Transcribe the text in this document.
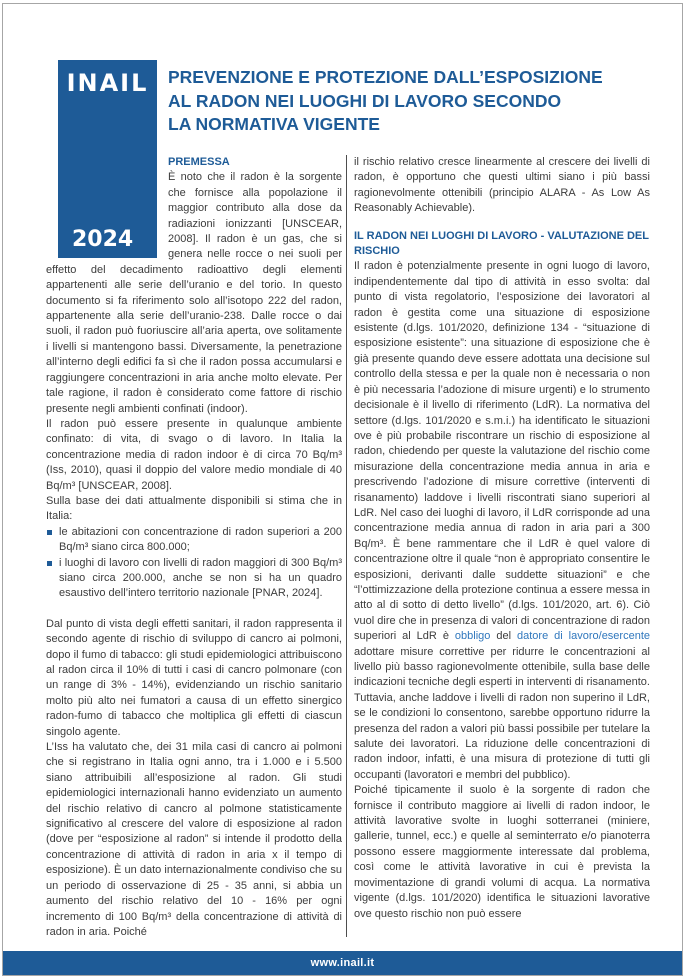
INAIL
2024
PREVENZIONE E PROTEZIONE DALL’ESPOSIZIONE
AL RADON NEI LUOGHI DI LAVORO SECONDO
LA NORMATIVA VIGENTE
PREMESSA

È noto che il radon è la sorgente che fornisce alla popolazione il maggior contributo alla dose da radiazioni ionizzanti [UNSCEAR, 2008]. Il radon è un gas, che si genera nelle rocce o nei suoli per effetto del decadimento radioattivo degli elementi appartenenti alle serie dell’uranio e del torio. In questo documento si fa riferimento solo all’isotopo 222 del radon, appartenente alla serie dell’uranio-238. Dalle rocce o dai suoli, il radon può fuoriuscire all’aria aperta, ove solitamente i livelli si mantengono bassi. Diversamente, la penetrazione all’interno degli edifici fa sì che il radon possa accumularsi e raggiungere concentrazioni in aria anche molto elevate. Per tale ragione, il radon è considerato come fattore di rischio presente negli ambienti confinati (indoor).

Il radon può essere presente in qualunque ambiente confinato: di vita, di svago o di lavoro. In Italia la concentrazione media di radon indoor è di circa 70 Bq/m³ (Iss, 2010), quasi il doppio del valore medio mondiale di 40 Bq/m³ [UNSCEAR, 2008].

Sulla base dei dati attualmente disponibili si stima che in Italia:

le abitazioni con concentrazione di radon superiori a 200 Bq/m³ siano circa 800.000;
i luoghi di lavoro con livelli di radon maggiori di 300 Bq/m³ siano circa 200.000, anche se non si ha un quadro esaustivo dell’intero territorio nazionale [PNAR, 2024].

Dal punto di vista degli effetti sanitari, il radon rappresenta il secondo agente di rischio di sviluppo di cancro ai polmoni, dopo il fumo di tabacco: gli studi epidemiologici attribuiscono al radon circa il 10% di tutti i casi di cancro polmonare (con un range di 3% - 14%), evidenziando un rischio sanitario molto più alto nei fumatori a causa di un effetto sinergico radon-fumo di tabacco che moltiplica gli effetti di ciascun singolo agente.

L’Iss ha valutato che, dei 31 mila casi di cancro ai polmoni che si registrano in Italia ogni anno, tra i 1.000 e i 5.500 siano attribuibili all’esposizione al radon. Gli studi epidemiologici internazionali hanno evidenziato un aumento del rischio relativo di cancro al polmone statisticamente significativo al crescere del valore di esposizione al radon (dove per “esposizione al radon” si intende il prodotto della concentrazione di attività di radon in aria x il tempo di esposizione). È un dato internazionalmente condiviso che su un periodo di osservazione di 25 - 35 anni, si abbia un aumento del rischio relativo del 10 - 16% per ogni incremento di 100 Bq/m³ della concentrazione di attività di radon in aria. Poiché

il rischio relativo cresce linearmente al crescere dei livelli di radon, è opportuno che questi ultimi siano i più bassi ragionevolmente ottenibili (principio ALARA - As Low As Reasonably Achievable).

IL RADON NEI LUOGHI DI LAVORO - VALUTAZIONE DEL RISCHIO

Il radon è potenzialmente presente in ogni luogo di lavoro, indipendentemente dal tipo di attività in esso svolta: dal punto di vista regolatorio, l’esposizione dei lavoratori al radon è gestita come una situazione di esposizione esistente (d.lgs. 101/2020, definizione 134 - “situazione di esposizione esistente”: una situazione di esposizione che è già presente quando deve essere adottata una decisione sul controllo della stessa e per la quale non è necessaria o non è più necessaria l’adozione di misure urgenti) e lo strumento decisionale è il livello di riferimento (LdR). La normativa del settore (d.lgs. 101/2020 e s.m.i.) ha identificato le situazioni ove è più probabile riscontrare un rischio di esposizione al radon, chiedendo per queste la valutazione del rischio come misurazione della concentrazione media annua in aria e prescrivendo l’adozione di misure correttive (interventi di risanamento) laddove i livelli riscontrati siano superiori al LdR. Nel caso dei luoghi di lavoro, il LdR corrisponde ad una concentrazione media annua di radon in aria pari a 300 Bq/m³. È bene rammentare che il LdR è quel valore di concentrazione oltre il quale “non è appropriato consentire le esposizioni, derivanti dalle suddette situazioni” e che “l’ottimizzazione della protezione continua a essere messa in atto al di sotto di detto livello” (d.lgs. 101/2020, art. 6). Ciò vuol dire che in presenza di valori di concentrazione di radon superiori al LdR è obbligo del datore di lavoro/esercente adottare misure correttive per ridurre le concentrazioni al livello più basso ragionevolmente ottenibile, sulla base delle indicazioni tecniche degli esperti in interventi di risanamento. Tuttavia, anche laddove i livelli di radon non superino il LdR, se le condizioni lo consentono, sarebbe opportuno ridurre la presenza del radon a valori più bassi possibile per tutelare la salute dei lavoratori. La riduzione delle concentrazioni di radon indoor, infatti, è una misura di protezione di tutti gli occupanti (lavoratori e membri del pubblico).

Poiché tipicamente il suolo è la sorgente di radon che fornisce il contributo maggiore ai livelli di radon indoor, le attività lavorative svolte in luoghi sotterranei (miniere, gallerie, tunnel, ecc.) e quelle al seminterrato e/o pianoterra possono essere maggiormente interessate dal problema, così come le attività lavorative in cui è prevista la movimentazione di grandi volumi di acqua. La normativa vigente (d.lgs. 101/2020) identifica le situazioni lavorative ove questo rischio non può essere

www.inail.it
